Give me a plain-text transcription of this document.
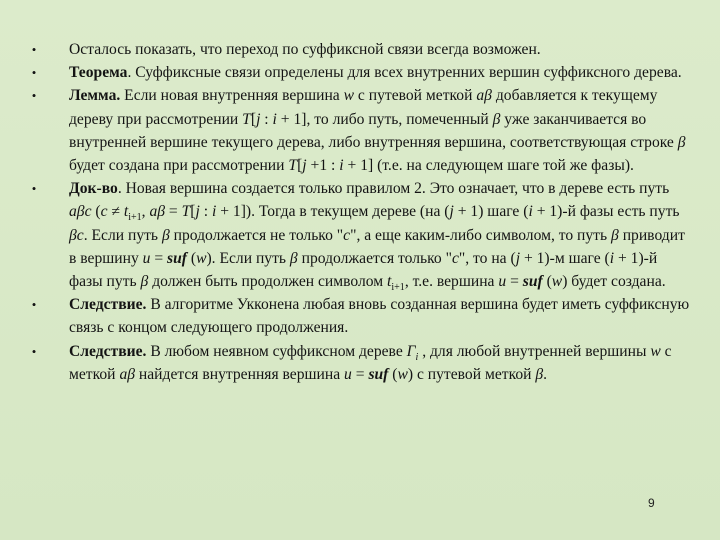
• Осталось показать, что переход по суффиксной связи всегда возможен.
• Теорема. Суффиксные связи определены для всех внутренних вершин суффиксного дерева.
• Лемма. Если новая внутренняя вершина w с путевой меткой aβ добавляется к текущему дереву при рассмотрении T[j : i + 1], то либо путь, помеченный β уже заканчивается во внутренней вершине текущего дерева, либо внутренняя вершина, соответствующая строке β будет создана при рассмотрении T[j +1 : i + 1] (т.е. на следующем шаге той же фазы).
• Док-во. Новая вершина создается только правилом 2. Это означает, что в дереве есть путь aβc ($c \ne t_{i+1}$, aβ = T[j : i + 1]). Тогда в текущем дереве (на (j + 1) шаге (i + 1)-й фазы есть путь βc. Если путь β продолжается не только "c", а еще каким-либо символом, то путь β приводит в вершину u = suf (w). Если путь β продолжается только "c", то на (j + 1)-м шаге (i + 1)-й фазы путь β должен быть продолжен символом $t_{i+1}$, т.е. вершина u = suf (w) будет создана.
• Следствие. В алгоритме Укконена любая вновь созданная вершина будет иметь суффиксную связь с концом следующего продолжения.
• Следствие. В любом неявном суффиксном дереве $\Gamma_i$ , для любой внутренней вершины w с меткой aβ найдется внутренняя вершина u = suf (w) с путевой меткой β.
9
